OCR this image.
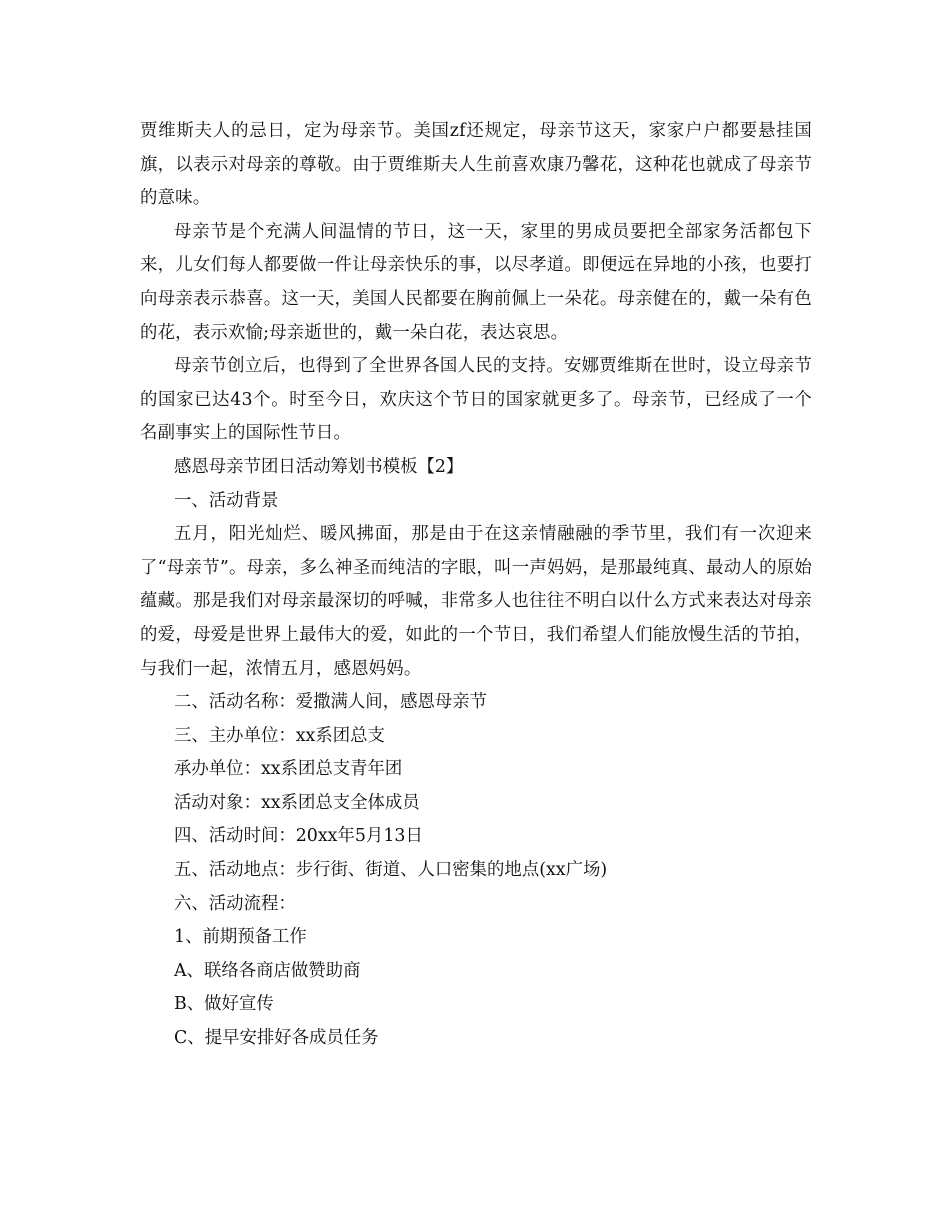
贾维斯夫人的忌日，定为母亲节。美国zf还规定，母亲节这天，家家户户都要悬挂国旗，以表示对母亲的尊敬。由于贾维斯夫人生前喜欢康乃馨花，这种花也就成了母亲节的意味。

母亲节是个充满人间温情的节日，这一天，家里的男成员要把全部家务活都包下来，儿女们每人都要做一件让母亲快乐的事，以尽孝道。即便远在异地的小孩，也要打向母亲表示恭喜。这一天，美国人民都要在胸前佩上一朵花。母亲健在的，戴一朵有色的花，表示欢愉;母亲逝世的，戴一朵白花，表达哀思。

母亲节创立后，也得到了全世界各国人民的支持。安娜贾维斯在世时，设立母亲节的国家已达43个。时至今日，欢庆这个节日的国家就更多了。母亲节，已经成了一个名副事实上的国际性节日。

感恩母亲节团日活动筹划书模板【2】

一、活动背景

五月，阳光灿烂、暖风拂面，那是由于在这亲情融融的季节里，我们有一次迎来了“母亲节”。母亲，多么神圣而纯洁的字眼，叫一声妈妈，是那最纯真、最动人的原始蕴藏。那是我们对母亲最深切的呼喊，非常多人也往往不明白以什么方式来表达对母亲的爱，母爱是世界上最伟大的爱，如此的一个节日，我们希望人们能放慢生活的节拍，与我们一起，浓情五月，感恩妈妈。

二、活动名称：爱撒满人间，感恩母亲节

三、主办单位：xx系团总支

承办单位：xx系团总支青年团

活动对象：xx系团总支全体成员

四、活动时间：20xx年5月13日

五、活动地点：步行街、街道、人口密集的地点(xx广场)

六、活动流程：

1、前期预备工作

A、联络各商店做赞助商

B、做好宣传

C、提早安排好各成员任务
